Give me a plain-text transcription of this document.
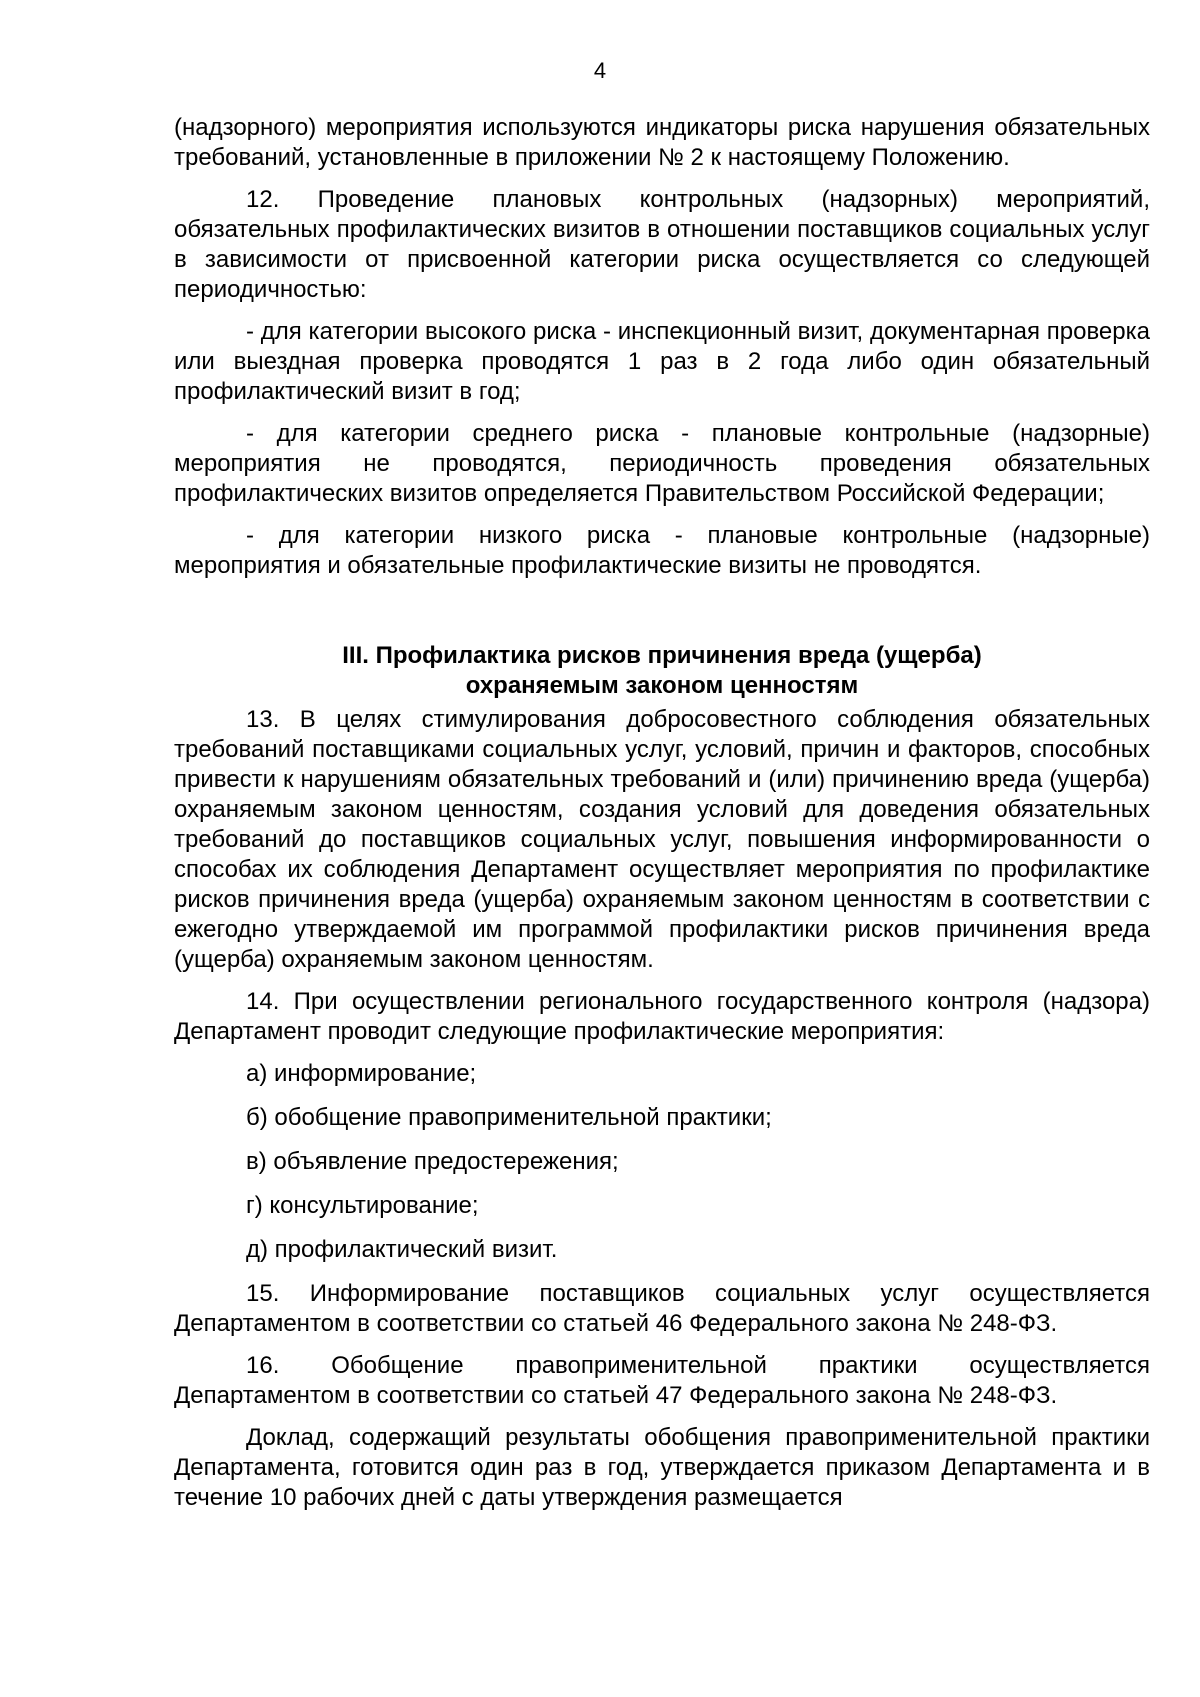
4

(надзорного) мероприятия используются индикаторы риска нарушения обязательных требований, установленные в приложении № 2 к настоящему Положению.

12. Проведение плановых контрольных (надзорных) мероприятий, обязательных профилактических визитов в отношении поставщиков социальных услуг в зависимости от присвоенной категории риска осуществляется со следующей периодичностью:

- для категории высокого риска - инспекционный визит, документарная проверка или выездная проверка проводятся 1 раз в 2 года либо один обязательный профилактический визит в год;

- для категории среднего риска - плановые контрольные (надзорные) мероприятия не проводятся, периодичность проведения обязательных профилактических визитов определяется Правительством Российской Федерации;

- для категории низкого риска - плановые контрольные (надзорные) мероприятия и обязательные профилактические визиты не проводятся.

III. Профилактика рисков причинения вреда (ущерба)
охраняемым законом ценностям

13. В целях стимулирования добросовестного соблюдения обязательных требований поставщиками социальных услуг, условий, причин и факторов, способных привести к нарушениям обязательных требований и (или) причинению вреда (ущерба) охраняемым законом ценностям, создания условий для доведения обязательных требований до поставщиков социальных услуг, повышения информированности о способах их соблюдения Департамент осуществляет мероприятия по профилактике рисков причинения вреда (ущерба) охраняемым законом ценностям в соответствии с ежегодно утверждаемой им программой профилактики рисков причинения вреда (ущерба) охраняемым законом ценностям.

14. При осуществлении регионального государственного контроля (надзора) Департамент проводит следующие профилактические мероприятия:

а) информирование;

б) обобщение правоприменительной практики;

в) объявление предостережения;

г) консультирование;

д) профилактический визит.

15. Информирование поставщиков социальных услуг осуществляется Департаментом в соответствии со статьей 46 Федерального закона № 248-ФЗ.

16. Обобщение правоприменительной практики осуществляется Департаментом в соответствии со статьей 47 Федерального закона № 248-ФЗ.

Доклад, содержащий результаты обобщения правоприменительной практики Департамента, готовится один раз в год, утверждается приказом Департамента и в течение 10 рабочих дней с даты утверждения размещается
